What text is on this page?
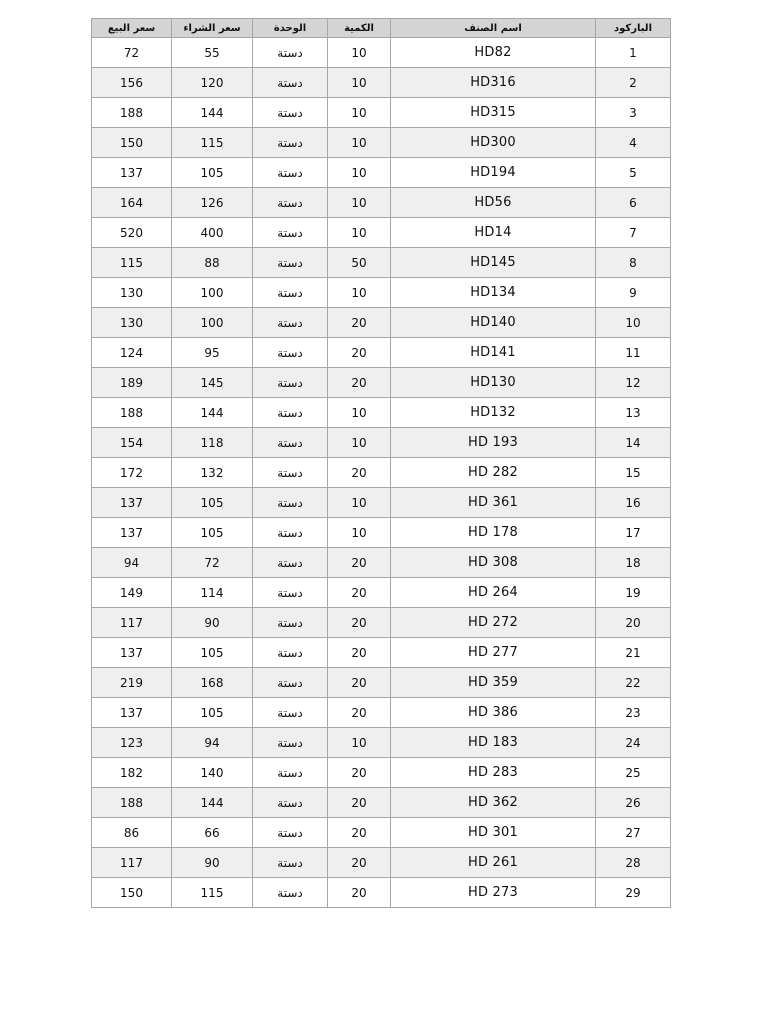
الباركود	اسم الصنف	الكمية	الوحدة	سعر الشراء	سعر البيع
1	HD82	10	دستة	55	72
2	HD316	10	دستة	120	156
3	HD315	10	دستة	144	188
4	HD300	10	دستة	115	150
5	HD194	10	دستة	105	137
6	HD56	10	دستة	126	164
7	HD14	10	دستة	400	520
8	HD145	50	دستة	88	115
9	HD134	10	دستة	100	130
10	HD140	20	دستة	100	130
11	HD141	20	دستة	95	124
12	HD130	20	دستة	145	189
13	HD132	10	دستة	144	188
14	HD 193	10	دستة	118	154
15	HD 282	20	دستة	132	172
16	HD 361	10	دستة	105	137
17	HD 178	10	دستة	105	137
18	HD 308	20	دستة	72	94
19	HD 264	20	دستة	114	149
20	HD 272	20	دستة	90	117
21	HD 277	20	دستة	105	137
22	HD 359	20	دستة	168	219
23	HD 386	20	دستة	105	137
24	HD 183	10	دستة	94	123
25	HD 283	20	دستة	140	182
26	HD 362	20	دستة	144	188
27	HD 301	20	دستة	66	86
28	HD 261	20	دستة	90	117
29	HD 273	20	دستة	115	150
